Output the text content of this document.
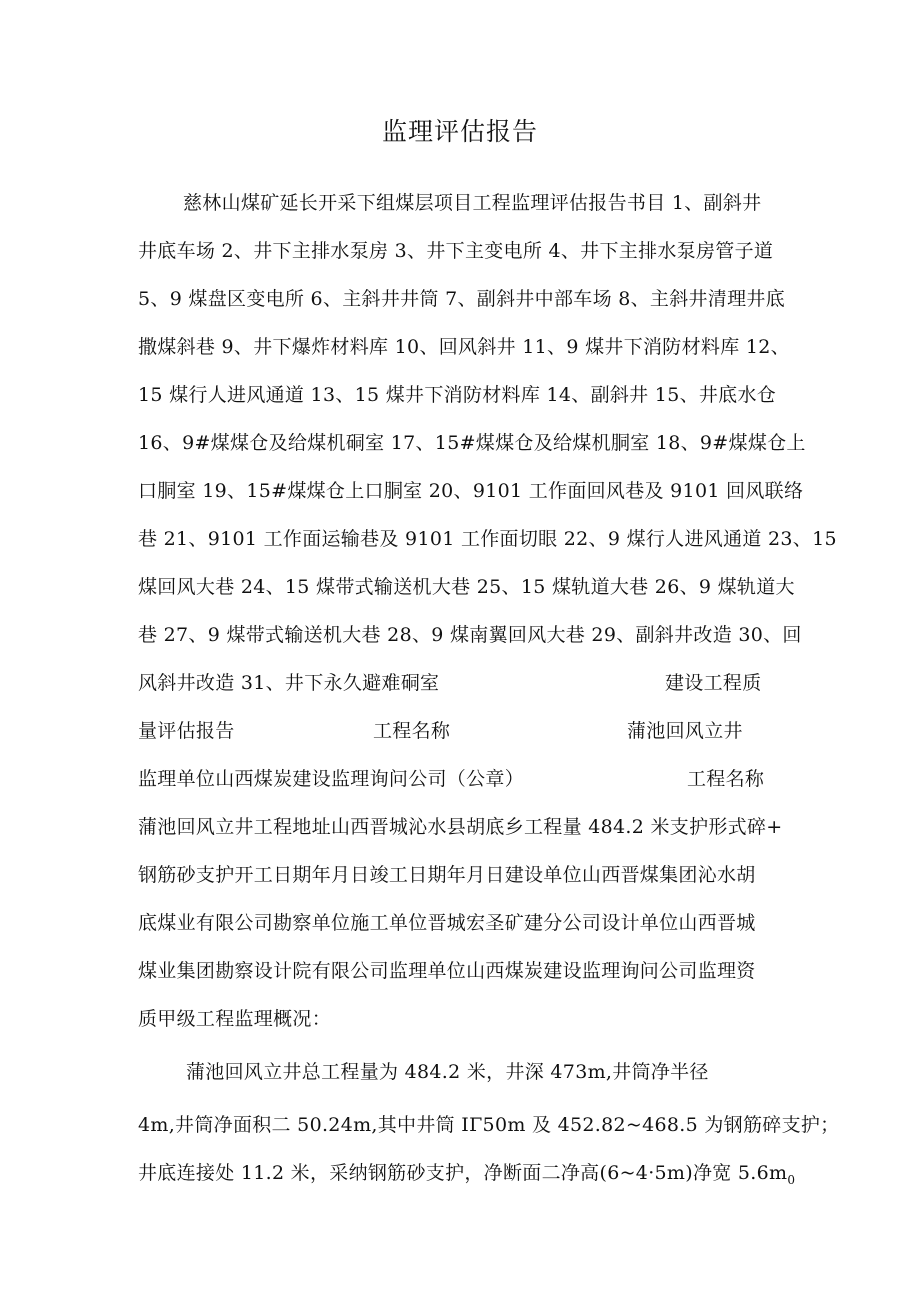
监理评估报告
慈林山煤矿延长开采下组煤层项目工程监理评估报告书目 1、副斜井
井底车场 2、井下主排水泵房 3、井下主变电所 4、井下主排水泵房管子道
5、9 煤盘区变电所 6、主斜井井筒 7、副斜井中部车场 8、主斜井清理井底
撒煤斜巷 9、井下爆炸材料库 10、回风斜井 11、9 煤井下消防材料库 12、
15 煤行人进风通道 13、15 煤井下消防材料库 14、副斜井 15、井底水仓
16、9#煤煤仓及给煤机硐室 17、15#煤煤仓及给煤机胴室 18、9#煤煤仓上
口胴室 19、15#煤煤仓上口胴室 20、9101 工作面回风巷及 9101 回风联络
巷 21、9101 工作面运输巷及 9101 工作面切眼 22、9 煤行人进风通道 23、15
煤回风大巷 24、15 煤带式输送机大巷 25、15 煤轨道大巷 26、9 煤轨道大
巷 27、9 煤带式输送机大巷 28、9 煤南翼回风大巷 29、副斜井改造 30、回
风斜井改造 31、井下永久避难硐室	建设工程质
量评估报告	工程名称	蒲池回风立井
监理单位山西煤炭建设监理询问公司（公章）	工程名称
蒲池回风立井工程地址山西晋城沁水县胡底乡工程量 484.2 米支护形式碎+
钢筋砂支护开工日期年月日竣工日期年月日建设单位山西晋煤集团沁水胡
底煤业有限公司勘察单位施工单位晋城宏圣矿建分公司设计单位山西晋城
煤业集团勘察设计院有限公司监理单位山西煤炭建设监理询问公司监理资
质甲级工程监理概况：
蒲池回风立井总工程量为 484.2 米，井深 473m,井筒净半径
4m,井筒净面积二 50.24m,其中井筒 IΓ50m 及 452.82~468.5 为钢筋碎支护；
井底连接处 11.2 米，采纳钢筋砂支护，净断面二净高(6~4·5m)净宽 $5.6m_0$
